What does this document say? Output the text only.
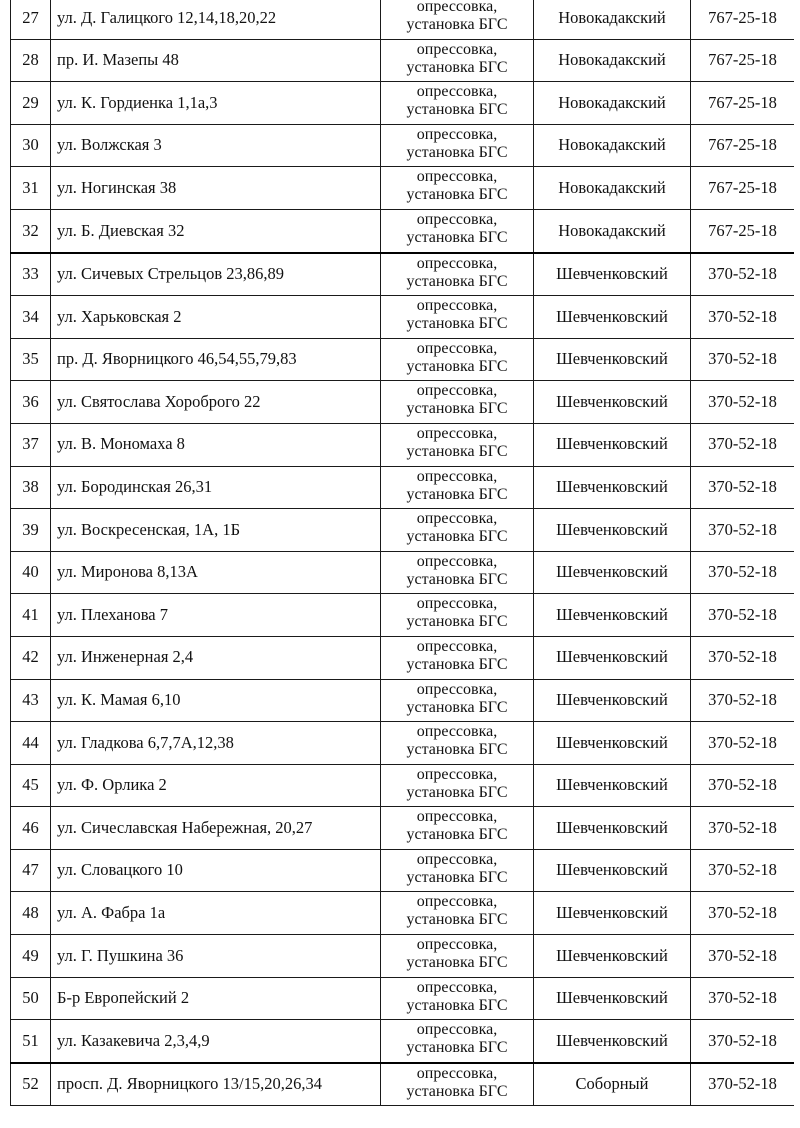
27	ул. Д. Галицкого 12,14,18,20,22	опрессовка,
установка БГС	Новокадакский	767-25-18
28	пр. И. Мазепы 48	опрессовка,
установка БГС	Новокадакский	767-25-18
29	ул. К. Гордиенка 1,1а,3	опрессовка,
установка БГС	Новокадакский	767-25-18
30	ул. Волжская 3	опрессовка,
установка БГС	Новокадакский	767-25-18
31	ул. Ногинская 38	опрессовка,
установка БГС	Новокадакский	767-25-18
32	ул. Б. Диевская 32	опрессовка,
установка БГС	Новокадакский	767-25-18
33	ул. Сичевых Стрельцов 23,86,89	опрессовка,
установка БГС	Шевченковский	370-52-18
34	ул. Харьковская 2	опрессовка,
установка БГС	Шевченковский	370-52-18
35	пр. Д. Яворницкого 46,54,55,79,83	опрессовка,
установка БГС	Шевченковский	370-52-18
36	ул. Святослава Хороброго 22	опрессовка,
установка БГС	Шевченковский	370-52-18
37	ул. В. Мономаха 8	опрессовка,
установка БГС	Шевченковский	370-52-18
38	ул. Бородинская 26,31	опрессовка,
установка БГС	Шевченковский	370-52-18
39	ул. Воскресенская, 1А, 1Б	опрессовка,
установка БГС	Шевченковский	370-52-18
40	ул. Миронова 8,13А	опрессовка,
установка БГС	Шевченковский	370-52-18
41	ул. Плеханова 7	опрессовка,
установка БГС	Шевченковский	370-52-18
42	ул. Инженерная 2,4	опрессовка,
установка БГС	Шевченковский	370-52-18
43	ул. К. Мамая 6,10	опрессовка,
установка БГС	Шевченковский	370-52-18
44	ул. Гладкова 6,7,7А,12,38	опрессовка,
установка БГС	Шевченковский	370-52-18
45	ул. Ф. Орлика 2	опрессовка,
установка БГС	Шевченковский	370-52-18
46	ул. Сичеславская Набережная, 20,27	опрессовка,
установка БГС	Шевченковский	370-52-18
47	ул. Словацкого 10	опрессовка,
установка БГС	Шевченковский	370-52-18
48	ул. А. Фабра 1а	опрессовка,
установка БГС	Шевченковский	370-52-18
49	ул. Г. Пушкина 36	опрессовка,
установка БГС	Шевченковский	370-52-18
50	Б-р Европейский 2	опрессовка,
установка БГС	Шевченковский	370-52-18
51	ул. Казакевича 2,3,4,9	опрессовка,
установка БГС	Шевченковский	370-52-18
52	просп. Д. Яворницкого 13/15,20,26,34	опрессовка,
установка БГС	Соборный	370-52-18
